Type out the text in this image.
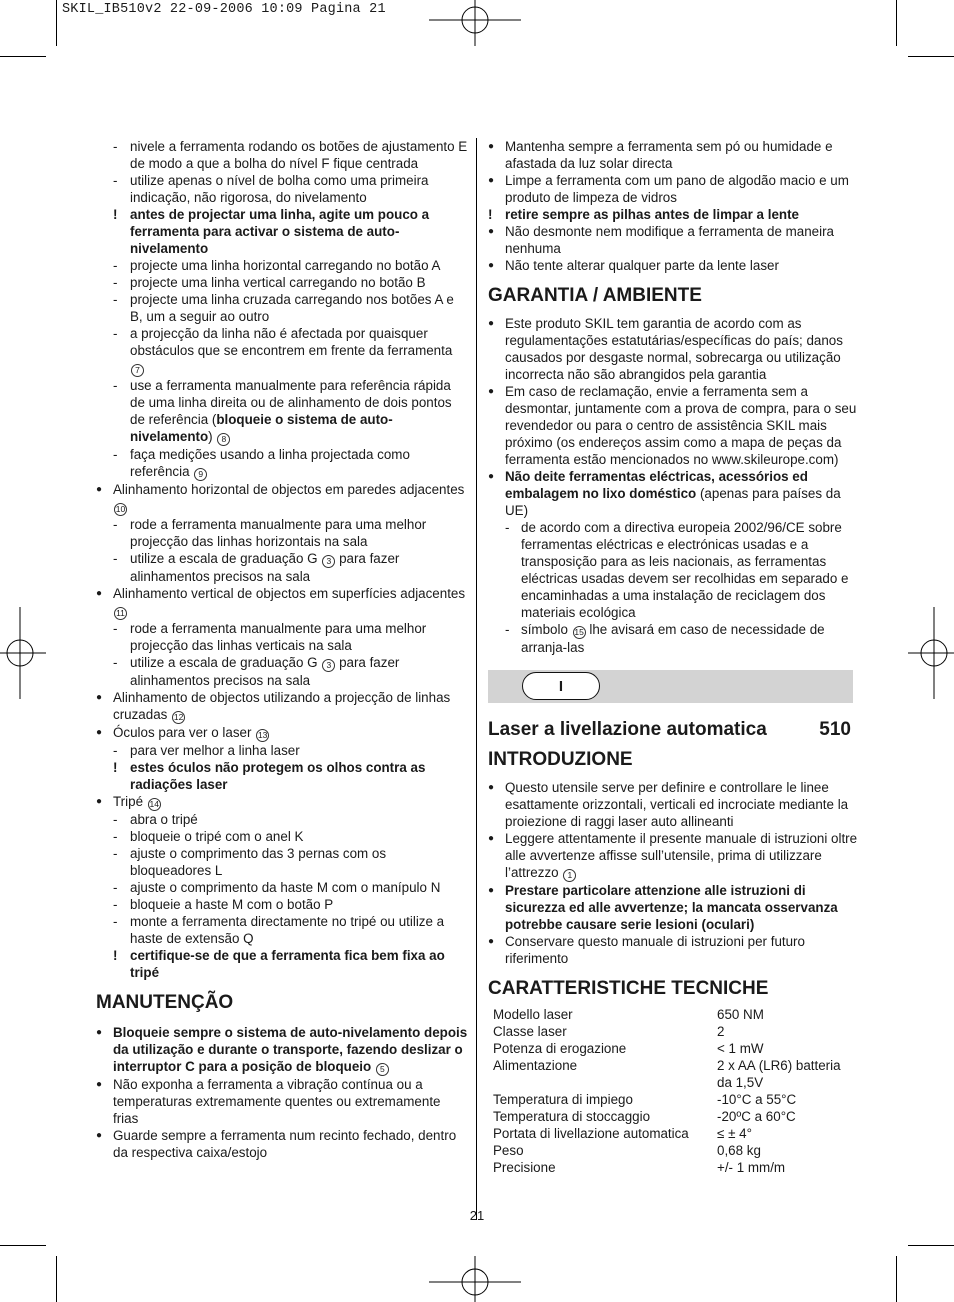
SKIL_IB510v2 22-09-2006 10:09 Pagina 21
- nivele a ferramenta rodando os botões de ajustamento E de modo a que a bolha do nível F fique centrada
- utilize apenas o nível de bolha como uma primeira indicação, não rigorosa, do nivelamento
! antes de projectar uma linha, agite um pouco a ferramenta para activar o sistema de auto-nivelamento
- projecte uma linha horizontal carregando no botão A
- projecte uma linha vertical carregando no botão B
- projecte uma linha cruzada carregando nos botões A e B, um a seguir ao outro
- a projecção da linha não é afectada por quaisquer obstáculos que se encontrem em frente da ferramenta 7
- use a ferramenta manualmente para referência rápida de uma linha direita ou de alinhamento de dois pontos de referência (bloqueie o sistema de auto-nivelamento) 8
- faça medições usando a linha projectada como referência 9
● Alinhamento horizontal de objectos em paredes adjacentes 10
- rode a ferramenta manualmente para uma melhor projecção das linhas horizontais na sala
- utilize a escala de graduação G 3 para fazer alinhamentos precisos na sala
● Alinhamento vertical de objectos em superfícies adjacentes 11
- rode a ferramenta manualmente para uma melhor projecção das linhas verticais na sala
- utilize a escala de graduação G 3 para fazer alinhamentos precisos na sala
● Alinhamento de objectos utilizando a projecção de linhas cruzadas 12
● Óculos para ver o laser 13
- para ver melhor a linha laser
! estes óculos não protegem os olhos contra as radiações laser
● Tripé 14
- abra o tripé
- bloqueie o tripé com o anel K
- ajuste o comprimento das 3 pernas com os bloqueadores L
- ajuste o comprimento da haste M com o manípulo N
- bloqueie a haste M com o botão P
- monte a ferramenta directamente no tripé ou utilize a haste de extensão Q
! certifique-se de que a ferramenta fica bem fixa ao tripé
MANUTENÇÃO
● Bloqueie sempre o sistema de auto-nivelamento depois da utilização e durante o transporte, fazendo deslizar o interruptor C para a posição de bloqueio 5
● Não exponha a ferramenta a vibração contínua ou a temperaturas extremamente quentes ou extremamente frias
● Guarde sempre a ferramenta num recinto fechado, dentro da respectiva caixa/estojo
● Mantenha sempre a ferramenta sem pó ou humidade e afastada da luz solar directa
● Limpe a ferramenta com um pano de algodão macio e um produto de limpeza de vidros
! retire sempre as pilhas antes de limpar a lente
● Não desmonte nem modifique a ferramenta de maneira nenhuma
● Não tente alterar qualquer parte da lente laser
GARANTIA / AMBIENTE
● Este produto SKIL tem garantia de acordo com as regulamentações estatutárias/específicas do país; danos causados por desgaste normal, sobrecarga ou utilização incorrecta não são abrangidos pela garantia
● Em caso de reclamação, envie a ferramenta sem a desmontar, juntamente com a prova de compra, para o seu revendedor ou para o centro de assistência SKIL mais próximo (os endereços assim como a mapa de peças da ferramenta estão mencionados no www.skileurope.com)
● Não deite ferramentas eléctricas, acessórios ed embalagem no lixo doméstico (apenas para países da UE)
- de acordo com a directiva europeia 2002/96/CE sobre ferramentas eléctricas e electrónicas usadas e a transposição para as leis nacionais, as ferramentas eléctricas usadas devem ser recolhidas em separado e encaminhadas a uma instalação de reciclagem dos materiais ecológica
- símbolo 15 lhe avisará em caso de necessidade de arranja-las
I
Laser a livellazione automatica	510
INTRODUZIONE
● Questo utensile serve per definire e controllare le linee esattamente orizzontali, verticali ed incrociate mediante la proiezione di raggi laser auto allineanti
● Leggere attentamente il presente manuale di istruzioni oltre alle avvertenze affisse sull’utensile, prima di utilizzare l’attrezzo 1
● Prestare particolare attenzione alle istruzioni di sicurezza ed alle avvertenze; la mancata osservanza potrebbe causare serie lesioni (oculari)
● Conservare questo manuale di istruzioni per futuro riferimento
CARATTERISTICHE TECNICHE
Modello laser	650 NM
Classe laser	2
Potenza di erogazione	< 1 mW
Alimentazione	2 x AA (LR6) batteria da 1,5V
Temperatura di impiego	-10°C a 55°C
Temperatura di stoccaggio	-20ºC a 60°C
Portata di livellazione automatica	≤ ± 4°
Peso	0,68 kg
Precisione	+/- 1 mm/m
21
